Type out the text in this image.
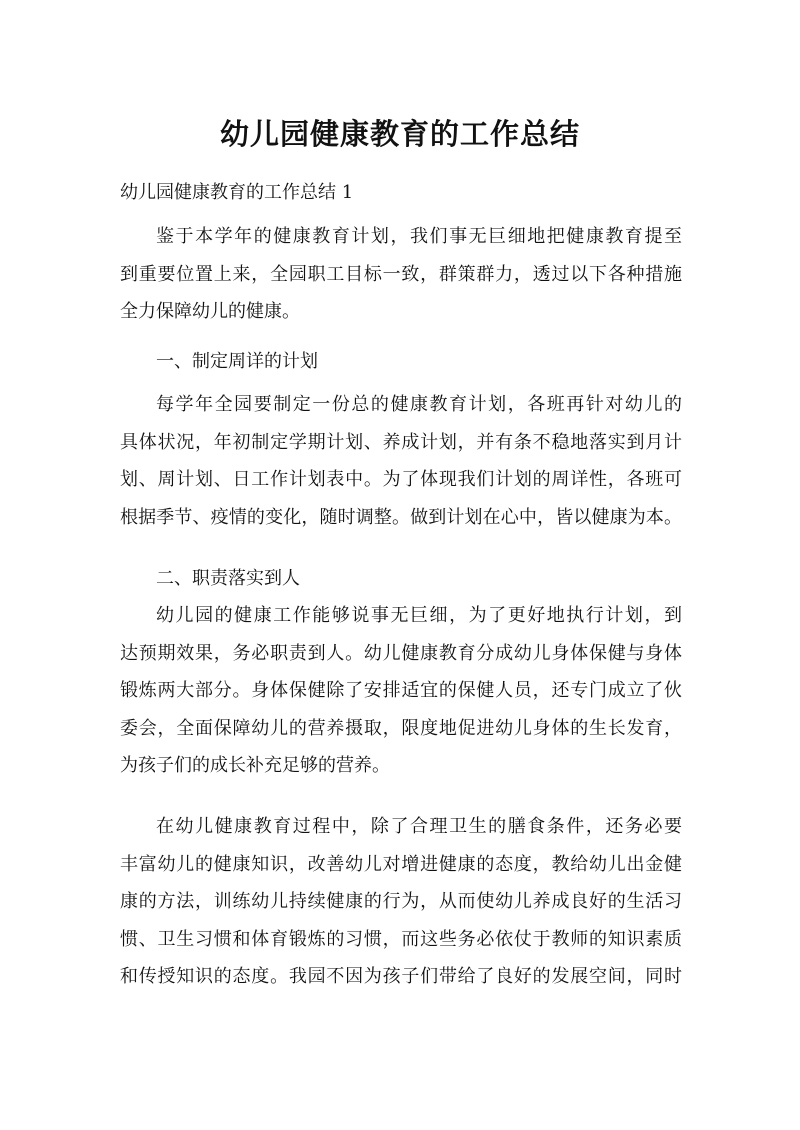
幼儿园健康教育的工作总结
幼儿园健康教育的工作总结 1
鉴于本学年的健康教育计划，我们事无巨细地把健康教育提至
到重要位置上来，全园职工目标一致，群策群力，透过以下各种措施
全力保障幼儿的健康。
一、制定周详的计划
每学年全园要制定一份总的健康教育计划，各班再针对幼儿的
具体状况，年初制定学期计划、养成计划，并有条不稳地落实到月计
划、周计划、日工作计划表中。为了体现我们计划的周详性，各班可
根据季节、疫情的变化，随时调整。做到计划在心中，皆以健康为本。
二、职责落实到人
幼儿园的健康工作能够说事无巨细，为了更好地执行计划，到
达预期效果，务必职责到人。幼儿健康教育分成幼儿身体保健与身体
锻炼两大部分。身体保健除了安排适宜的保健人员，还专门成立了伙
委会，全面保障幼儿的营养摄取，限度地促进幼儿身体的生长发育，
为孩子们的成长补充足够的营养。
在幼儿健康教育过程中，除了合理卫生的膳食条件，还务必要
丰富幼儿的健康知识，改善幼儿对增进健康的态度，教给幼儿出金健
康的方法，训练幼儿持续健康的行为，从而使幼儿养成良好的生活习
惯、卫生习惯和体育锻炼的习惯，而这些务必依仗于教师的知识素质
和传授知识的态度。我园不因为孩子们带给了良好的发展空间，同时
